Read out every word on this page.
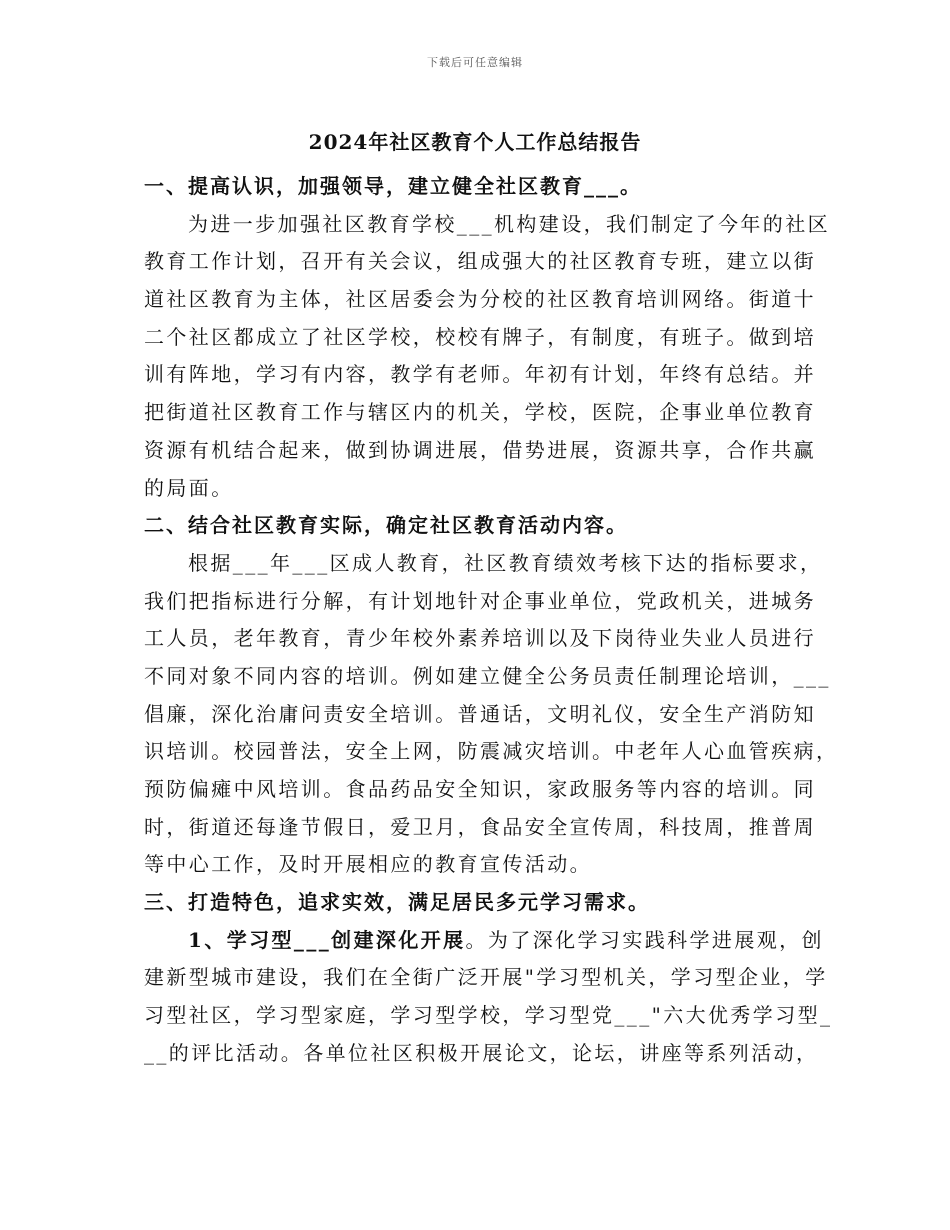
下载后可任意编辑
2024年社区教育个人工作总结报告
一、提高认识，加强领导，建立健全社区教育___。
为进一步加强社区教育学校___机构建设，我们制定了今年的社区
教育工作计划，召开有关会议，组成强大的社区教育专班，建立以街
道社区教育为主体，社区居委会为分校的社区教育培训网络。街道十
二个社区都成立了社区学校，校校有牌子，有制度，有班子。做到培
训有阵地，学习有内容，教学有老师。年初有计划，年终有总结。并
把街道社区教育工作与辖区内的机关，学校，医院，企事业单位教育
资源有机结合起来，做到协调进展，借势进展，资源共享，合作共赢
的局面。
二、结合社区教育实际，确定社区教育活动内容。
根据___年___区成人教育，社区教育绩效考核下达的指标要求，
我们把指标进行分解，有计划地针对企事业单位，党政机关，进城务
工人员，老年教育，青少年校外素养培训以及下岗待业失业人员进行
不同对象不同内容的培训。例如建立健全公务员责任制理论培训，___
倡廉，深化治庸问责安全培训。普通话，文明礼仪，安全生产消防知
识培训。校园普法，安全上网，防震减灾培训。中老年人心血管疾病，
预防偏瘫中风培训。食品药品安全知识，家政服务等内容的培训。同
时，街道还每逢节假日，爱卫月，食品安全宣传周，科技周，推普周
等中心工作，及时开展相应的教育宣传活动。
三、打造特色，追求实效，满足居民多元学习需求。
1、学习型___创建深化开展。为了深化学习实践科学进展观，创
建新型城市建设，我们在全街广泛开展"学习型机关，学习型企业，学
习型社区，学习型家庭，学习型学校，学习型党___"六大优秀学习型_
__的评比活动。各单位社区积极开展论文，论坛，讲座等系列活动，
